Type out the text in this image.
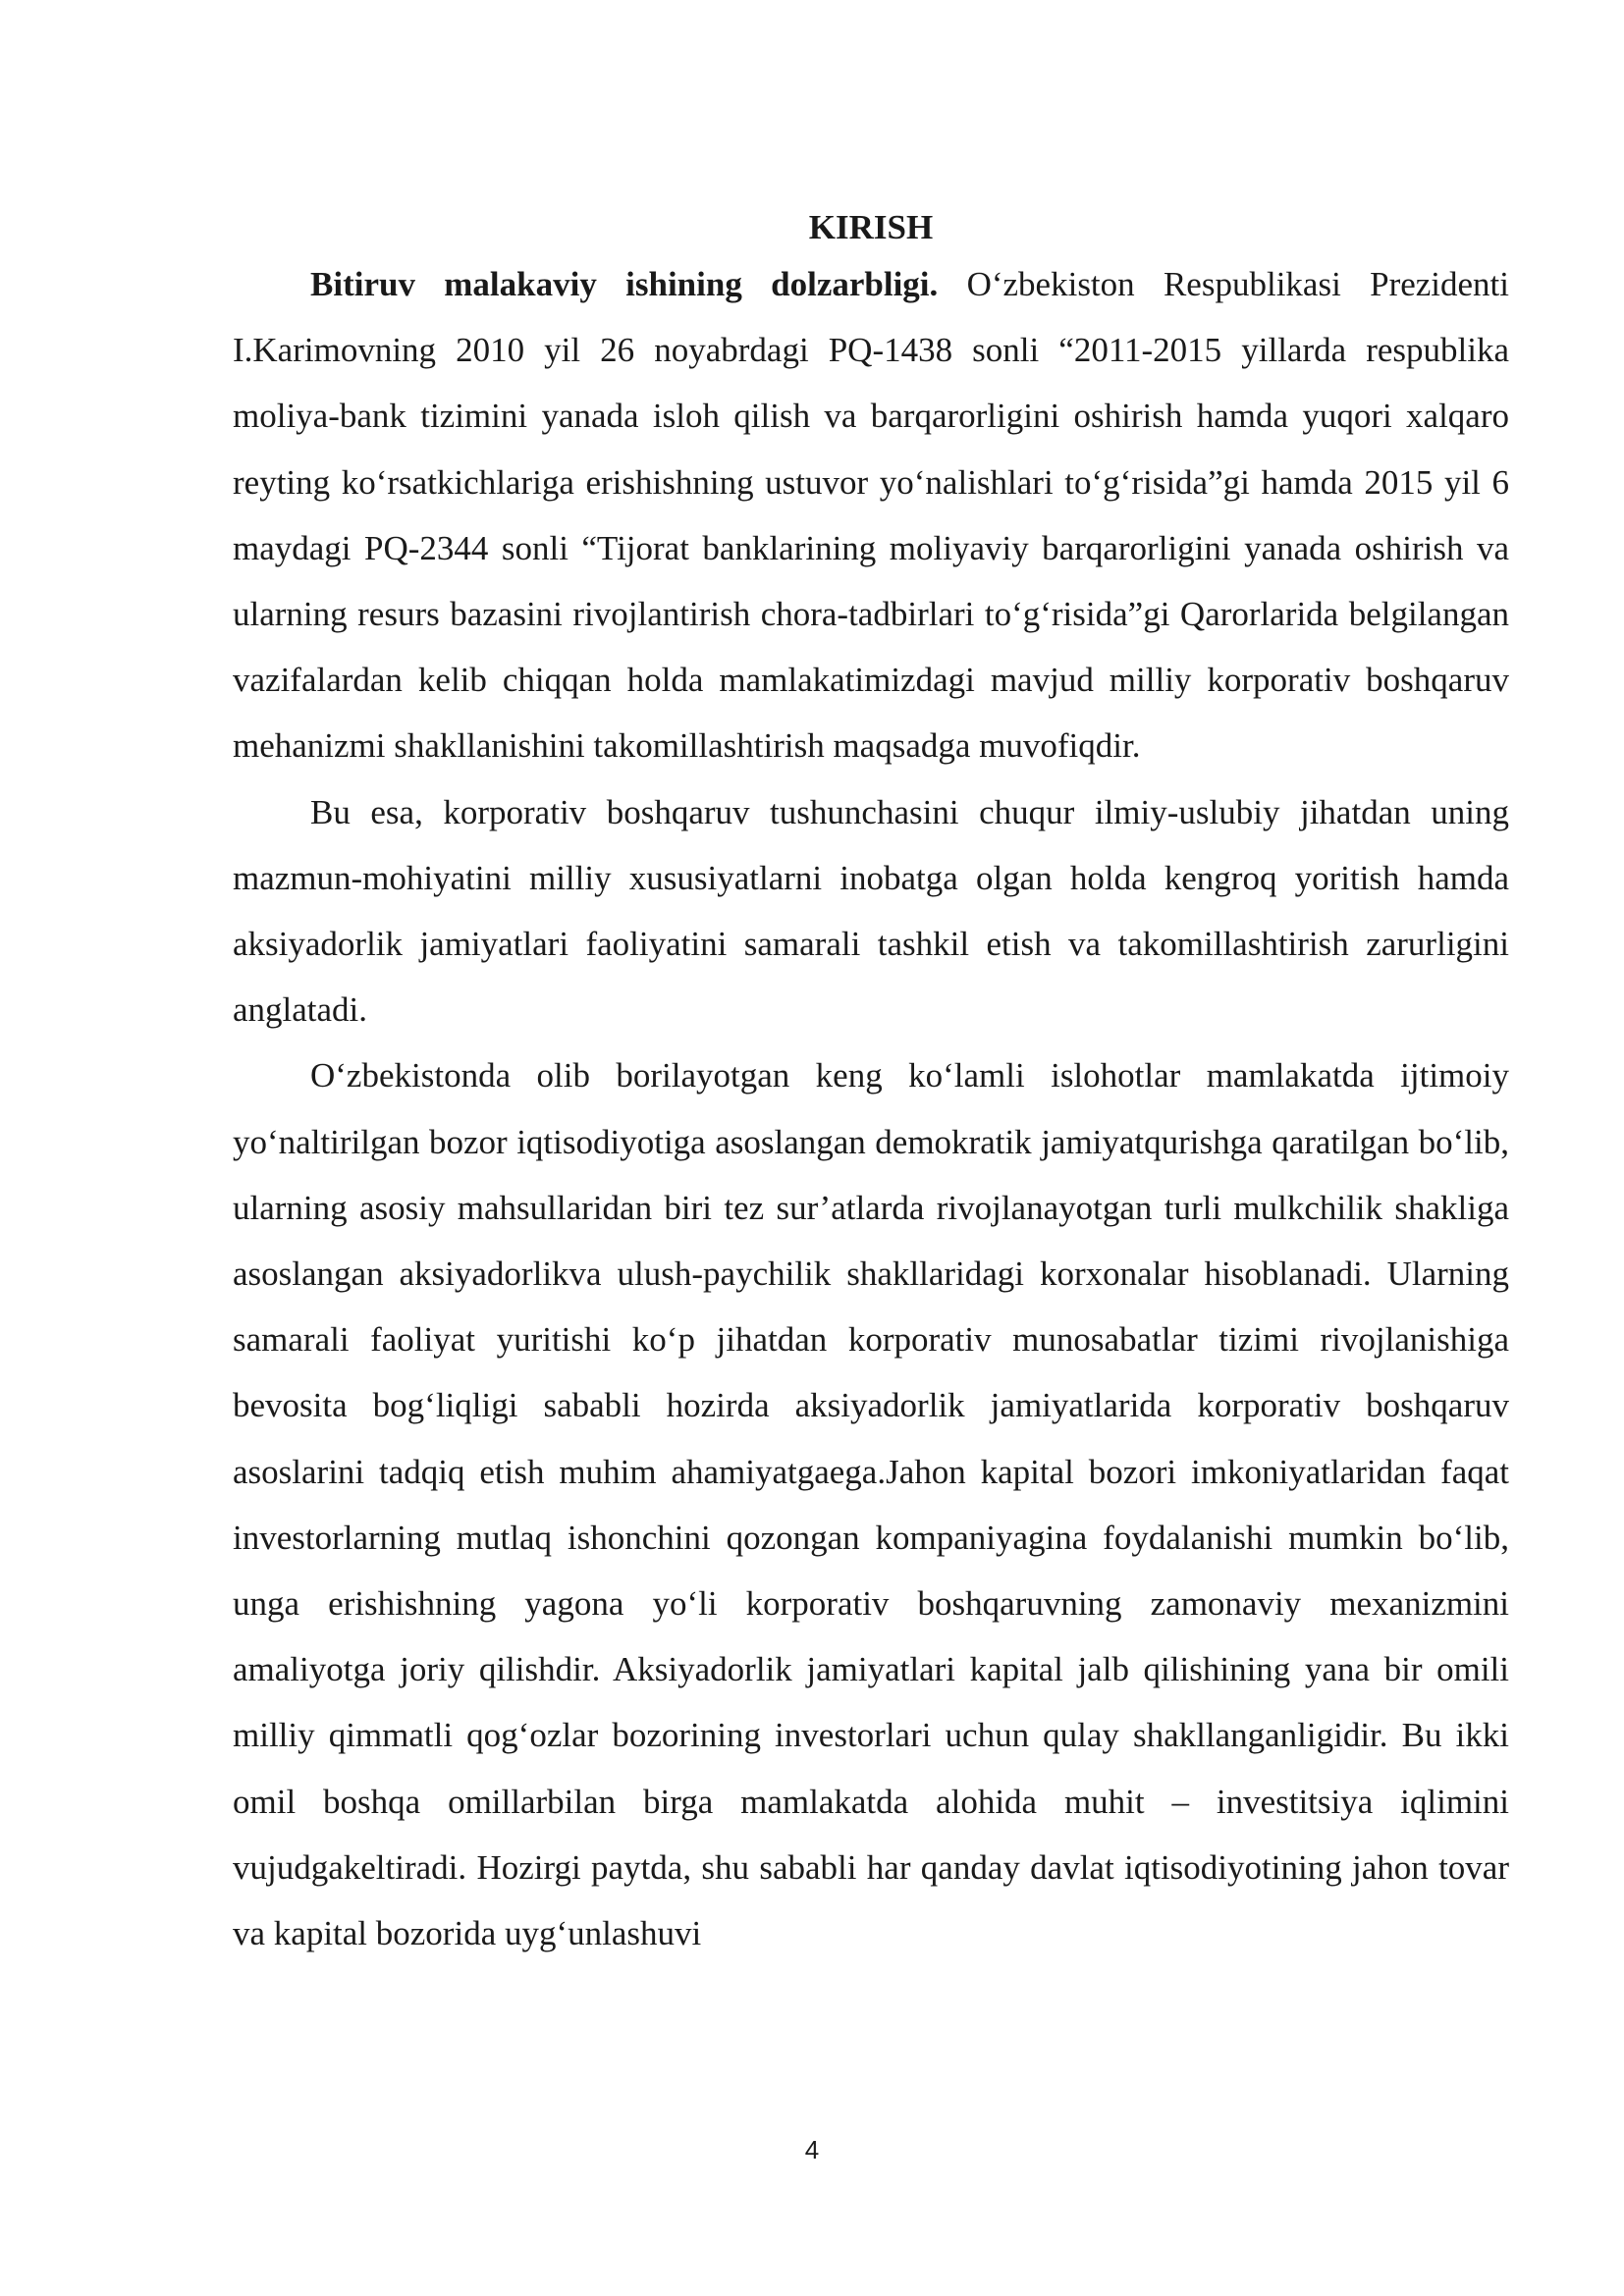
KIRISH

Bitiruv malakaviy ishining dolzarbligi. O‘zbekiston Respublikasi Prezidenti I.Karimovning 2010 yil 26 noyabrdagi PQ-1438 sonli “2011-2015 yillarda respublika moliya-bank tizimini yanada isloh qilish va barqarorligini oshirish hamda yuqori xalqaro reyting ko‘rsatkichlariga erishishning ustuvor yo‘nalishlari to‘g‘risida”gi hamda 2015 yil 6 maydagi PQ-2344 sonli “Tijorat banklarining moliyaviy barqarorligini yanada oshirish va ularning resurs bazasini rivojlantirish chora-tadbirlari to‘g‘risida”gi Qarorlarida belgilangan vazifalardan kelib chiqqan holda mamlakatimizdagi mavjud milliy korporativ boshqaruv mehanizmi shakllanishini takomillashtirish maqsadga muvofiqdir.

Bu esa, korporativ boshqaruv tushunchasini chuqur ilmiy-uslubiy jihatdan uning mazmun-mohiyatini milliy xususiyatlarni inobatga olgan holda kengroq yoritish hamda aksiyadorlik jamiyatlari faoliyatini samarali tashkil etish va takomillashtirish zarurligini anglatadi.

O‘zbekistonda olib borilayotgan keng ko‘lamli islohotlar mamlakatda ijtimoiy yo‘naltirilgan bozor iqtisodiyotiga asoslangan demokratik jamiyatqurishga qaratilgan bo‘lib, ularning asosiy mahsullaridan biri tez sur’atlarda rivojlanayotgan turli mulkchilik shakliga asoslangan aksiyadorlikva ulush-paychilik shakllaridagi korxonalar hisoblanadi. Ularning samarali faoliyat yuritishi ko‘p jihatdan korporativ munosabatlar tizimi rivojlanishiga bevosita bog‘liqligi sababli hozirda aksiyadorlik jamiyatlarida korporativ boshqaruv asoslarini tadqiq etish muhim ahamiyatgaega.Jahon kapital bozori imkoniyatlaridan faqat investorlarning mutlaq ishonchini qozongan kompaniyagina foydalanishi mumkin bo‘lib, unga erishishning yagona yo‘li korporativ boshqaruvning zamonaviy mexanizmini amaliyotga joriy qilishdir. Aksiyadorlik jamiyatlari kapital jalb qilishining yana bir omili milliy qimmatli qog‘ozlar bozorining investorlari uchun qulay shakllanganligidir. Bu ikki omil boshqa omillarbilan birga mamlakatda alohida muhit – investitsiya iqlimini vujudgakeltiradi. Hozirgi paytda, shu sababli har qanday davlat iqtisodiyotining jahon tovar va kapital bozorida uyg‘unlashuvi

4
